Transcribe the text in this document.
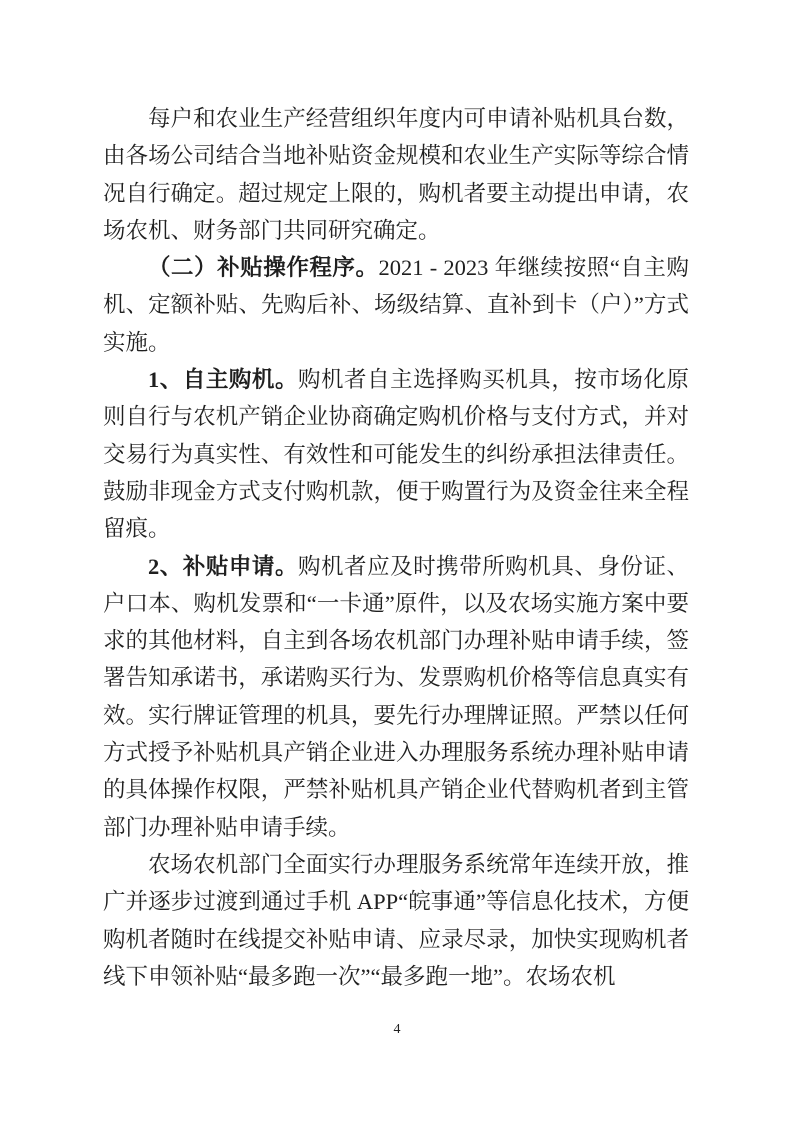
每户和农业生产经营组织年度内可申请补贴机具台数，由各场公司结合当地补贴资金规模和农业生产实际等综合情况自行确定。超过规定上限的，购机者要主动提出申请，农场农机、财务部门共同研究确定。

（二）补贴操作程序。2021 - 2023 年继续按照“自主购机、定额补贴、先购后补、场级结算、直补到卡（户）”方式实施。

1、自主购机。购机者自主选择购买机具，按市场化原则自行与农机产销企业协商确定购机价格与支付方式，并对交易行为真实性、有效性和可能发生的纠纷承担法律责任。鼓励非现金方式支付购机款，便于购置行为及资金往来全程留痕。

2、补贴申请。购机者应及时携带所购机具、身份证、户口本、购机发票和“一卡通”原件，以及农场实施方案中要求的其他材料，自主到各场农机部门办理补贴申请手续，签署告知承诺书，承诺购买行为、发票购机价格等信息真实有效。实行牌证管理的机具，要先行办理牌证照。严禁以任何方式授予补贴机具产销企业进入办理服务系统办理补贴申请的具体操作权限，严禁补贴机具产销企业代替购机者到主管部门办理补贴申请手续。

农场农机部门全面实行办理服务系统常年连续开放，推广并逐步过渡到通过手机 APP“皖事通”等信息化技术，方便购机者随时在线提交补贴申请、应录尽录，加快实现购机者线下申领补贴“最多跑一次”“最多跑一地”。农场农机

4
